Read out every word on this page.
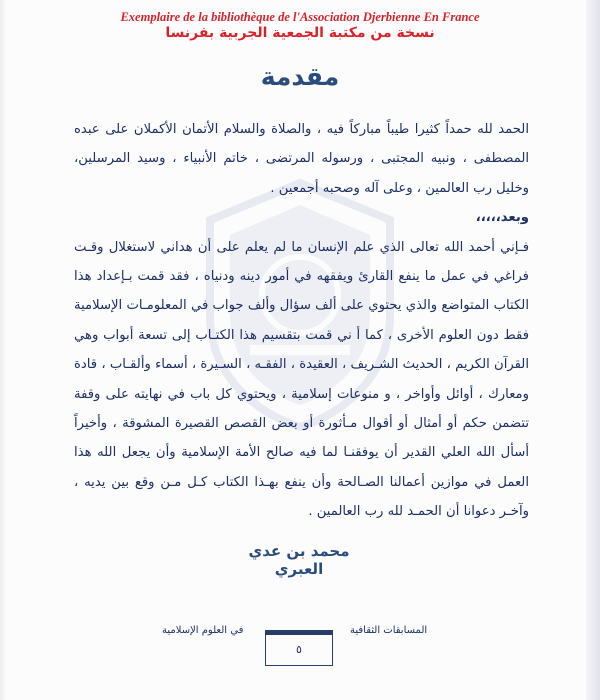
Exemplaire de la bibliothèque de l'Association Djerbienne En France
نسخة من مكتبة الجمعية الجربية بفرنسا
مقدمة

الحمد لله حمداً كثيرا طيباً مباركاً فيه ، والصلاة والسلام الأتمان الأكملان على عبده المصطفى ، ونبيه المجتبى ، ورسوله المرتضى ، خاتم الأنبياء ، وسيد المرسلين، وخليل رب العالمين ، وعلى آله وصحبه أجمعين .

وبعد،،،،،

فـإني أحمد الله تعالى الذي علم الإنسان ما لم يعلم على أن هداني لاستغلال وقـت فراغي في عمل ما ينفع القارئ ويفقهه في أمور دينه ودنياه ، فقد قمت بـإعداد هذا الكتاب المتواضع والذي يحتوي على ألف سؤال وألف جواب في المعلومـات الإسلامية فقط دون العلوم الأخرى ، كما أ ني قمت بتقسيم هذا الكتـاب إلى تسعة أبواب وهي القرآن الكريم ، الحديث الشـريف ، العقيدة ، الفقـه ، السـيرة ، أسماء وألقـاب ، قادة ومعارك ، أوائل وأواخر ، و منوعات إسلامية ، ويحتوي كل باب في نهايته على وقفة تتضمن حكم أو أمثال أو أقوال مـأثورة أو بعض القصص القصيرة المشوقة ، وأخيراً أسأل الله العلي القدير أن يوفقنـا لما فيه صالح الأمة الإسلامية وأن يجعل الله هذا العمل في موازين أعمالنا الصـالحة وأن ينفع بهـذا الكتاب كـل مـن وقع بين يديه ، وآخـر دعوانا أن الحمـد لله رب العالمين .

محمد بن عدي العبري
في العلوم الإسلامية	المسابقات الثقافية
٥
